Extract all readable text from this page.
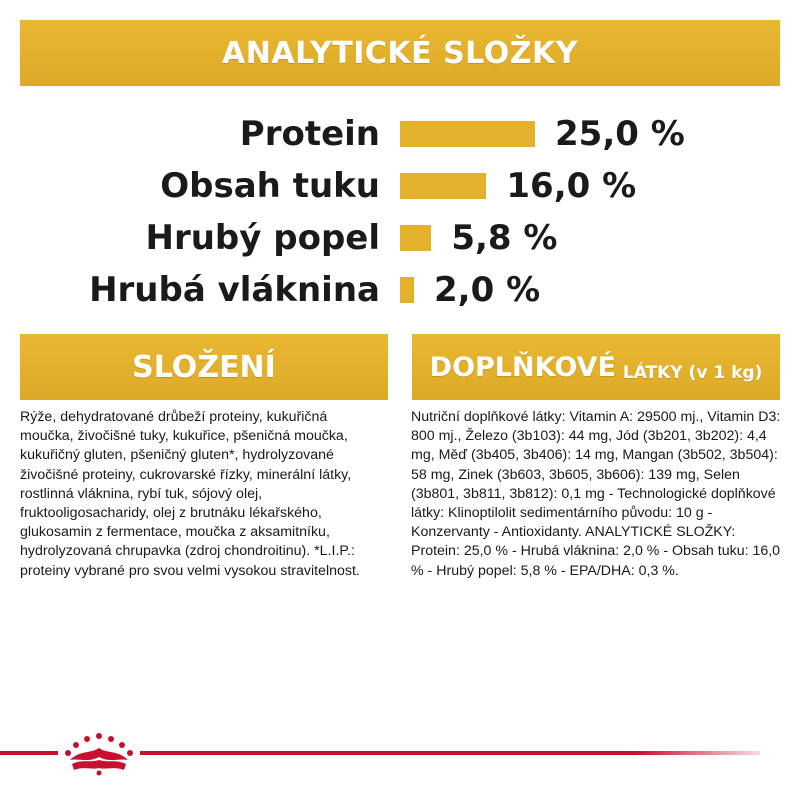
ANALYTICKÉ SLOŽKY
Protein	25,0 %
Obsah tuku	16,0 %
Hrubý popel 5,8 %
Hrubá vláknina 2,0 %
SLOŽENÍ	DOPLŇKOVÉ LÁTKY (v 1 kg)
Rýže, dehydratované drůbeží proteiny, kukuřičná moučka, živočišné tuky, kukuřice, pšeničná moučka, kukuřičný gluten, pšeničný gluten*, hydrolyzované živočišné proteiny, cukrovarské řízky, minerální látky, rostlinná vláknina, rybí tuk, sójový olej, fruktooligosacharidy, olej z brutnáku lékařského, glukosamin z fermentace, moučka z aksamitníku, hydrolyzovaná chrupavka (zdroj chondroitinu). *L.I.P.: proteiny vybrané pro svou velmi vysokou stravitelnost.
Nutriční doplňkové látky: Vitamin A: 29500 mj., Vitamin D3: 800 mj., Železo (3b103): 44 mg, Jód (3b201, 3b202): 4,4 mg, Měď (3b405, 3b406): 14 mg, Mangan (3b502, 3b504): 58 mg, Zinek (3b603, 3b605, 3b606): 139 mg, Selen (3b801, 3b811, 3b812): 0,1 mg - Technologické doplňkové látky: Klinoptilolit sedimentárního původu: 10 g - Konzervanty - Antioxidanty. ANALYTICKÉ SLOŽKY: Protein: 25,0 % - Hrubá vláknina: 2,0 % - Obsah tuku: 16,0 % - Hrubý popel: 5,8 % - EPA/DHA: 0,3 %.
